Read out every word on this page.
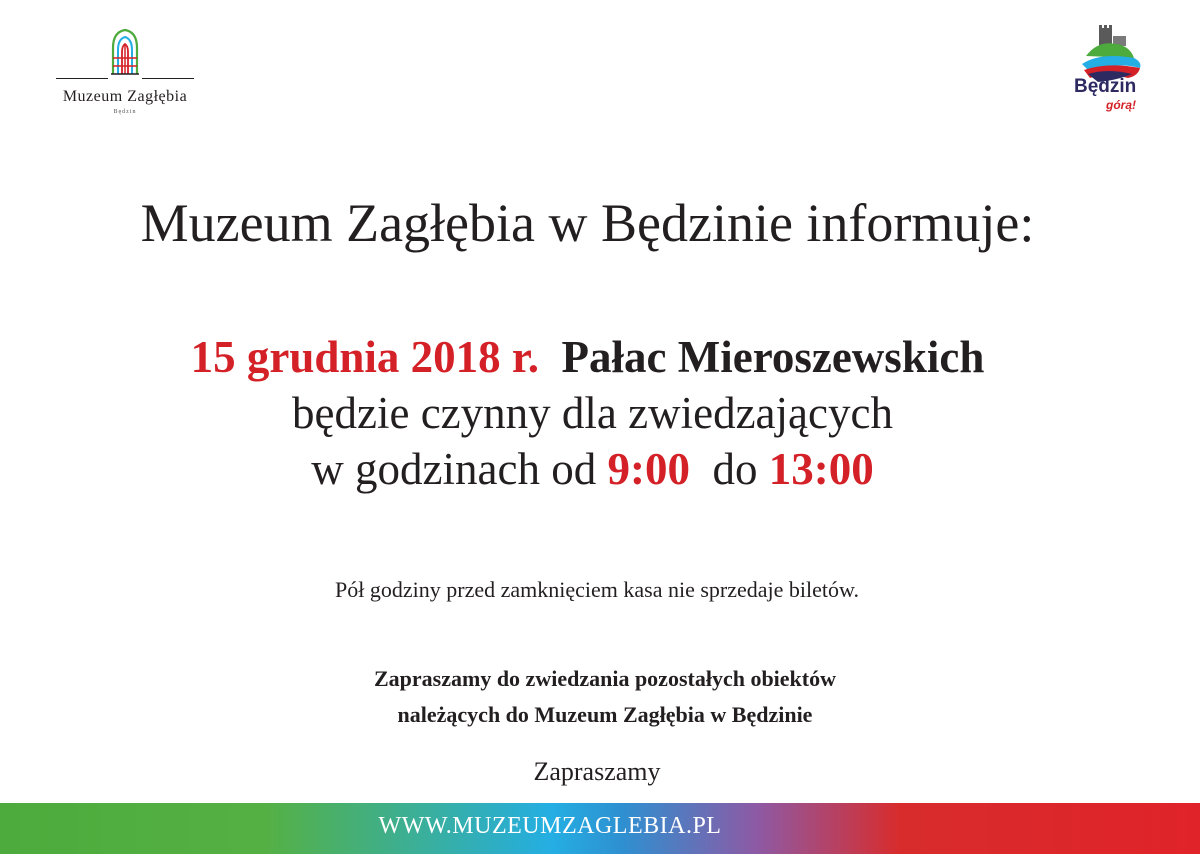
Muzeum Zagłębia
Będzin
Będzin
górą!
Muzeum Zagłębia w Będzinie informuje:
15 grudnia 2018 r. Pałac Mieroszewskich
będzie czynny dla zwiedzających
w godzinach od 9:00 do 13:00
Pół godziny przed zamknięciem kasa nie sprzedaje biletów.
Zapraszamy do zwiedzania pozostałych obiektów
należących do Muzeum Zagłębia w Będzinie
Zapraszamy
WWW.MUZEUMZAGLEBIA.PL
